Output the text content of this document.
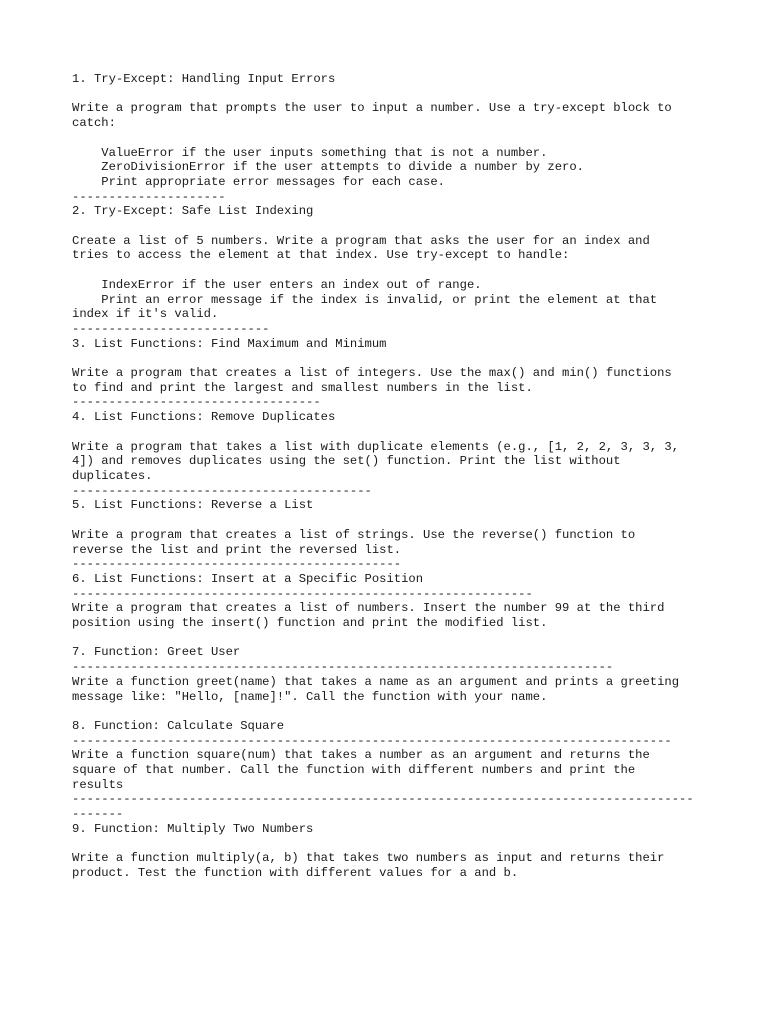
1. Try-Except: Handling Input Errors

Write a program that prompts the user to input a number. Use a try-except block to
catch:

ValueError if the user inputs something that is not a number.
ZeroDivisionError if the user attempts to divide a number by zero.
Print appropriate error messages for each case.
---------------------
2. Try-Except: Safe List Indexing

Create a list of 5 numbers. Write a program that asks the user for an index and
tries to access the element at that index. Use try-except to handle:

IndexError if the user enters an index out of range.
Print an error message if the index is invalid, or print the element at that
index if it's valid.
---------------------------
3. List Functions: Find Maximum and Minimum

Write a program that creates a list of integers. Use the max() and min() functions
to find and print the largest and smallest numbers in the list.
----------------------------------
4. List Functions: Remove Duplicates

Write a program that takes a list with duplicate elements (e.g., [1, 2, 2, 3, 3, 3,
4]) and removes duplicates using the set() function. Print the list without
duplicates.
-----------------------------------------
5. List Functions: Reverse a List

Write a program that creates a list of strings. Use the reverse() function to
reverse the list and print the reversed list.
---------------------------------------------
6. List Functions: Insert at a Specific Position
---------------------------------------------------------------
Write a program that creates a list of numbers. Insert the number 99 at the third
position using the insert() function and print the modified list.

7. Function: Greet User
--------------------------------------------------------------------------
Write a function greet(name) that takes a name as an argument and prints a greeting
message like: "Hello, [name]!". Call the function with your name.

8. Function: Calculate Square
----------------------------------------------------------------------------------
Write a function square(num) that takes a number as an argument and returns the
square of that number. Call the function with different numbers and print the
results
-------------------------------------------------------------------------------------
-------
9. Function: Multiply Two Numbers

Write a function multiply(a, b) that takes two numbers as input and returns their
product. Test the function with different values for a and b.
